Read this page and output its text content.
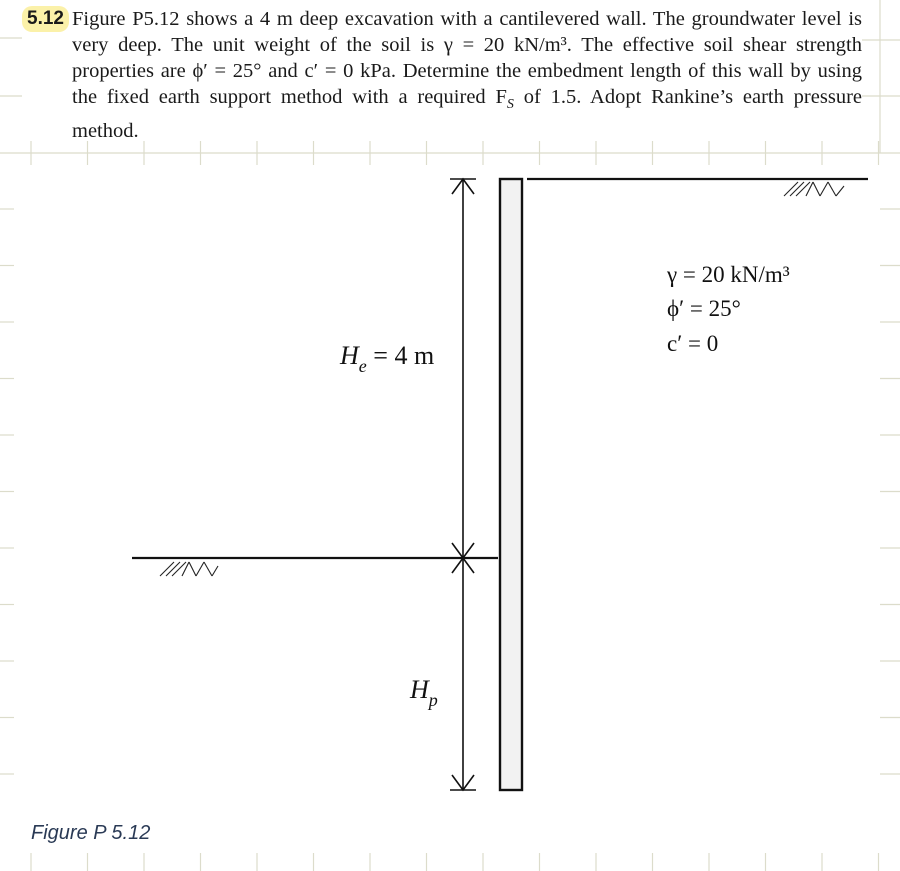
5.12 Figure P5.12 shows a 4 m deep excavation with a cantilevered wall. The groundwater level is very deep. The unit weight of the soil is γ = 20 kN/m³. The effective soil shear strength properties are ϕ′ = 25° and c′ = 0 kPa. Determine the embedment length of this wall by using the fixed earth support method with a required $F_S$ of 1.5. Adopt Rankine’s earth pressure method.

$H_e = 4$ m
$H_p$
γ = 20 kN/m³
ϕ′ = 25°
c′ = 0
Figure P 5.12
